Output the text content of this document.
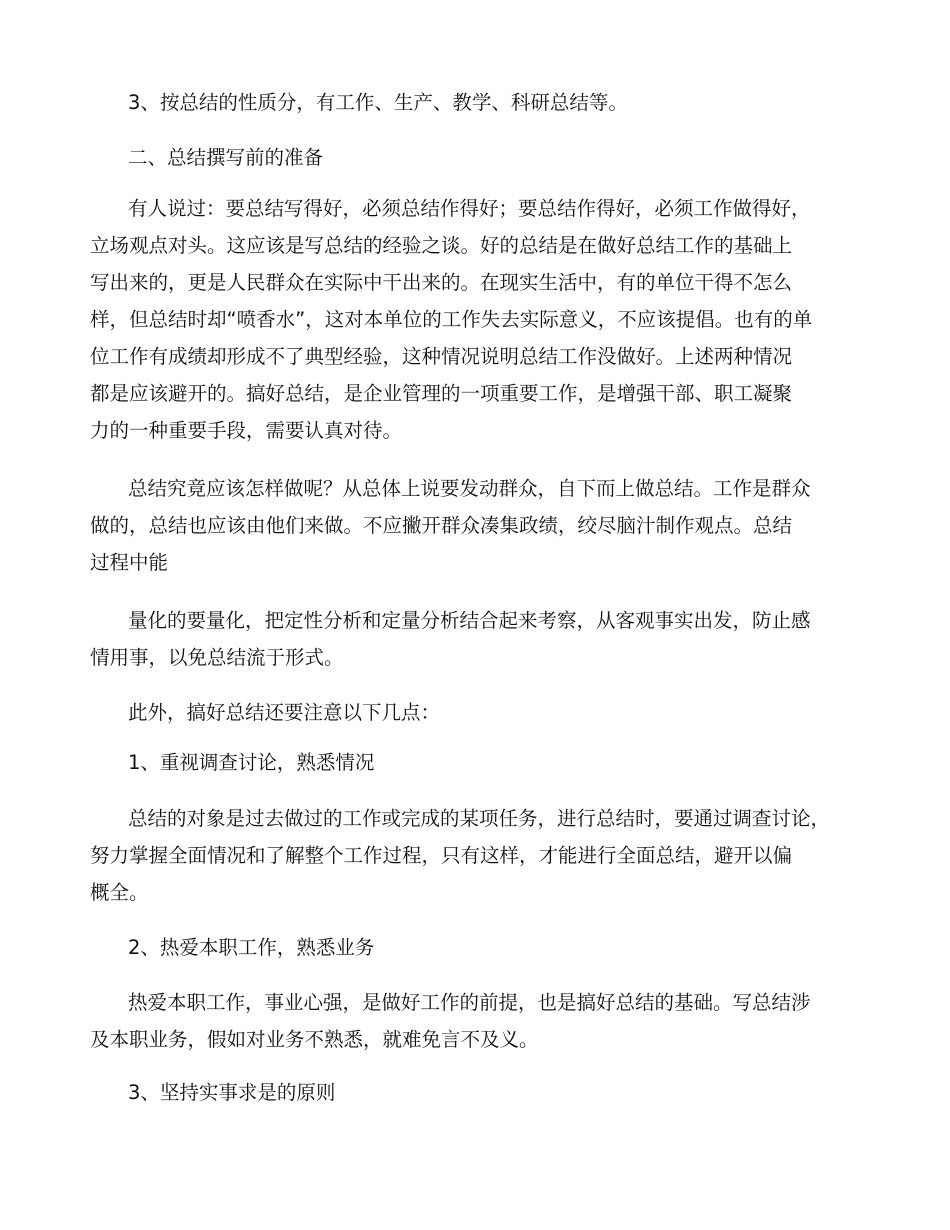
3、按总结的性质分，有工作、生产、教学、科研总结等。
二、总结撰写前的准备
有人说过：要总结写得好，必须总结作得好；要总结作得好，必须工作做得好，
立场观点对头。这应该是写总结的经验之谈。好的总结是在做好总结工作的基础上
写出来的，更是人民群众在实际中干出来的。在现实生活中，有的单位干得不怎么
样，但总结时却“喷香水”，这对本单位的工作失去实际意义，不应该提倡。也有的单
位工作有成绩却形成不了典型经验，这种情况说明总结工作没做好。上述两种情况
都是应该避开的。搞好总结，是企业管理的一项重要工作，是增强干部、职工凝聚
力的一种重要手段，需要认真对待。
总结究竟应该怎样做呢？从总体上说要发动群众，自下而上做总结。工作是群众
做的，总结也应该由他们来做。不应撇开群众凑集政绩，绞尽脑汁制作观点。总结
过程中能
量化的要量化，把定性分析和定量分析结合起来考察，从客观事实出发，防止感
情用事，以免总结流于形式。
此外，搞好总结还要注意以下几点：
1、重视调查讨论，熟悉情况
总结的对象是过去做过的工作或完成的某项任务，进行总结时，要通过调查讨论，
努力掌握全面情况和了解整个工作过程，只有这样，才能进行全面总结，避开以偏
概全。
2、热爱本职工作，熟悉业务
热爱本职工作，事业心强，是做好工作的前提，也是搞好总结的基础。写总结涉
及本职业务，假如对业务不熟悉，就难免言不及义。
3、坚持实事求是的原则
